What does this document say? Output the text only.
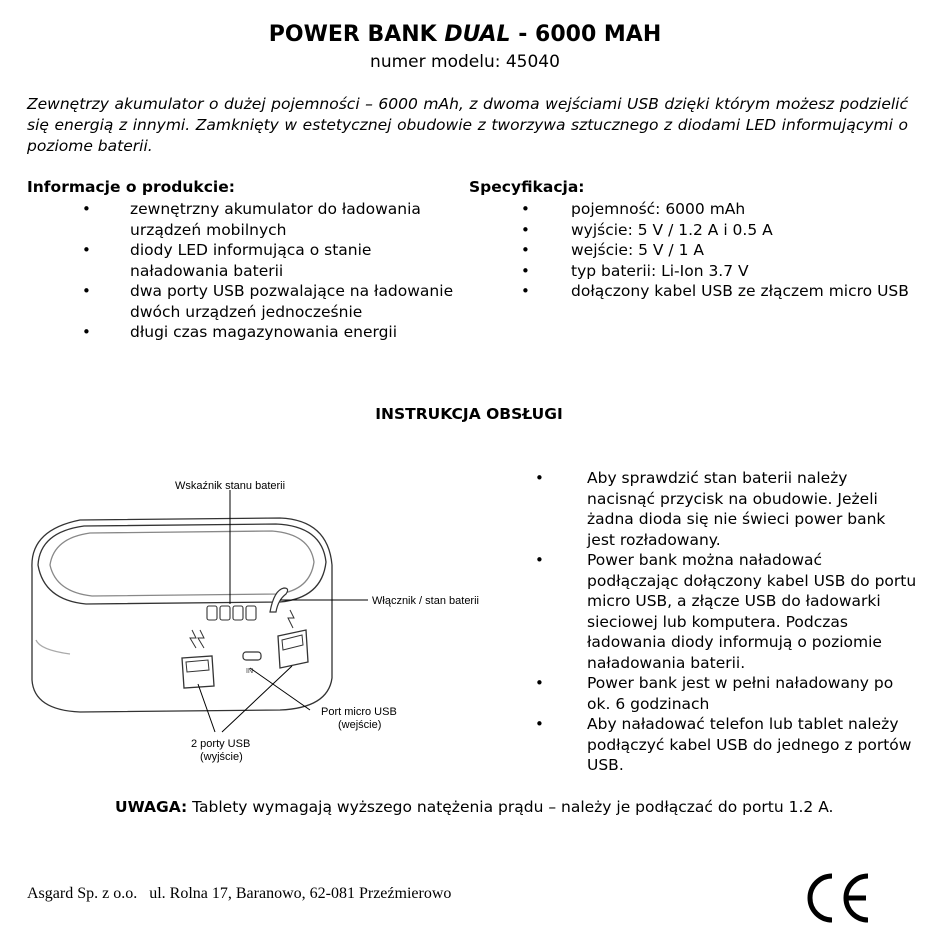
POWER BANK DUAL - 6000 MAH
numer modelu: 45040
Zewnętrzy akumulator o dużej pojemności – 6000 mAh, z dwoma wejściami USB dzięki którym możesz podzielić się energią z innymi. Zamknięty w estetycznej obudowie z tworzywa sztucznego z diodami LED informującymi o poziome baterii.
Informacje o produkcie:
•	zewnętrzny akumulator do ładowania urządzeń mobilnych
•	diody LED informująca o stanie naładowania baterii
•	dwa porty USB pozwalające na ładowanie dwóch urządzeń jednocześnie
•	długi czas magazynowania energii
Specyfikacja:
•	pojemność: 6000 mAh
•	wyjście: 5 V / 1.2 A i 0.5 A
•	wejście: 5 V / 1 A
•	typ baterii: Li-Ion 3.7 V
•	dołączony kabel USB ze złączem micro USB
INSTRUKCJA OBSŁUGI
IN
Wskaźnik stanu baterii
Włącznik / stan baterii
Port micro USB
(wejście)
2 porty USB
(wyjście)
•	Aby sprawdzić stan baterii należy nacisnąć przycisk na obudowie. Jeżeli żadna dioda się nie świeci power bank jest rozładowany.
•	Power bank można naładować podłączając dołączony kabel USB do portu micro USB, a złącze USB do ładowarki sieciowej lub komputera. Podczas ładowania diody informują o poziomie naładowania baterii.
•	Power bank jest w pełni naładowany po ok. 6 godzinach
•	Aby naładować telefon lub tablet należy podłączyć kabel USB do jednego z portów USB.
UWAGA: Tablety wymagają wyższego natężenia prądu – należy je podłączać do portu 1.2 A.
Asgard Sp. z o.o. ul. Rolna 17, Baranowo, 62-081 Przeźmierowo
